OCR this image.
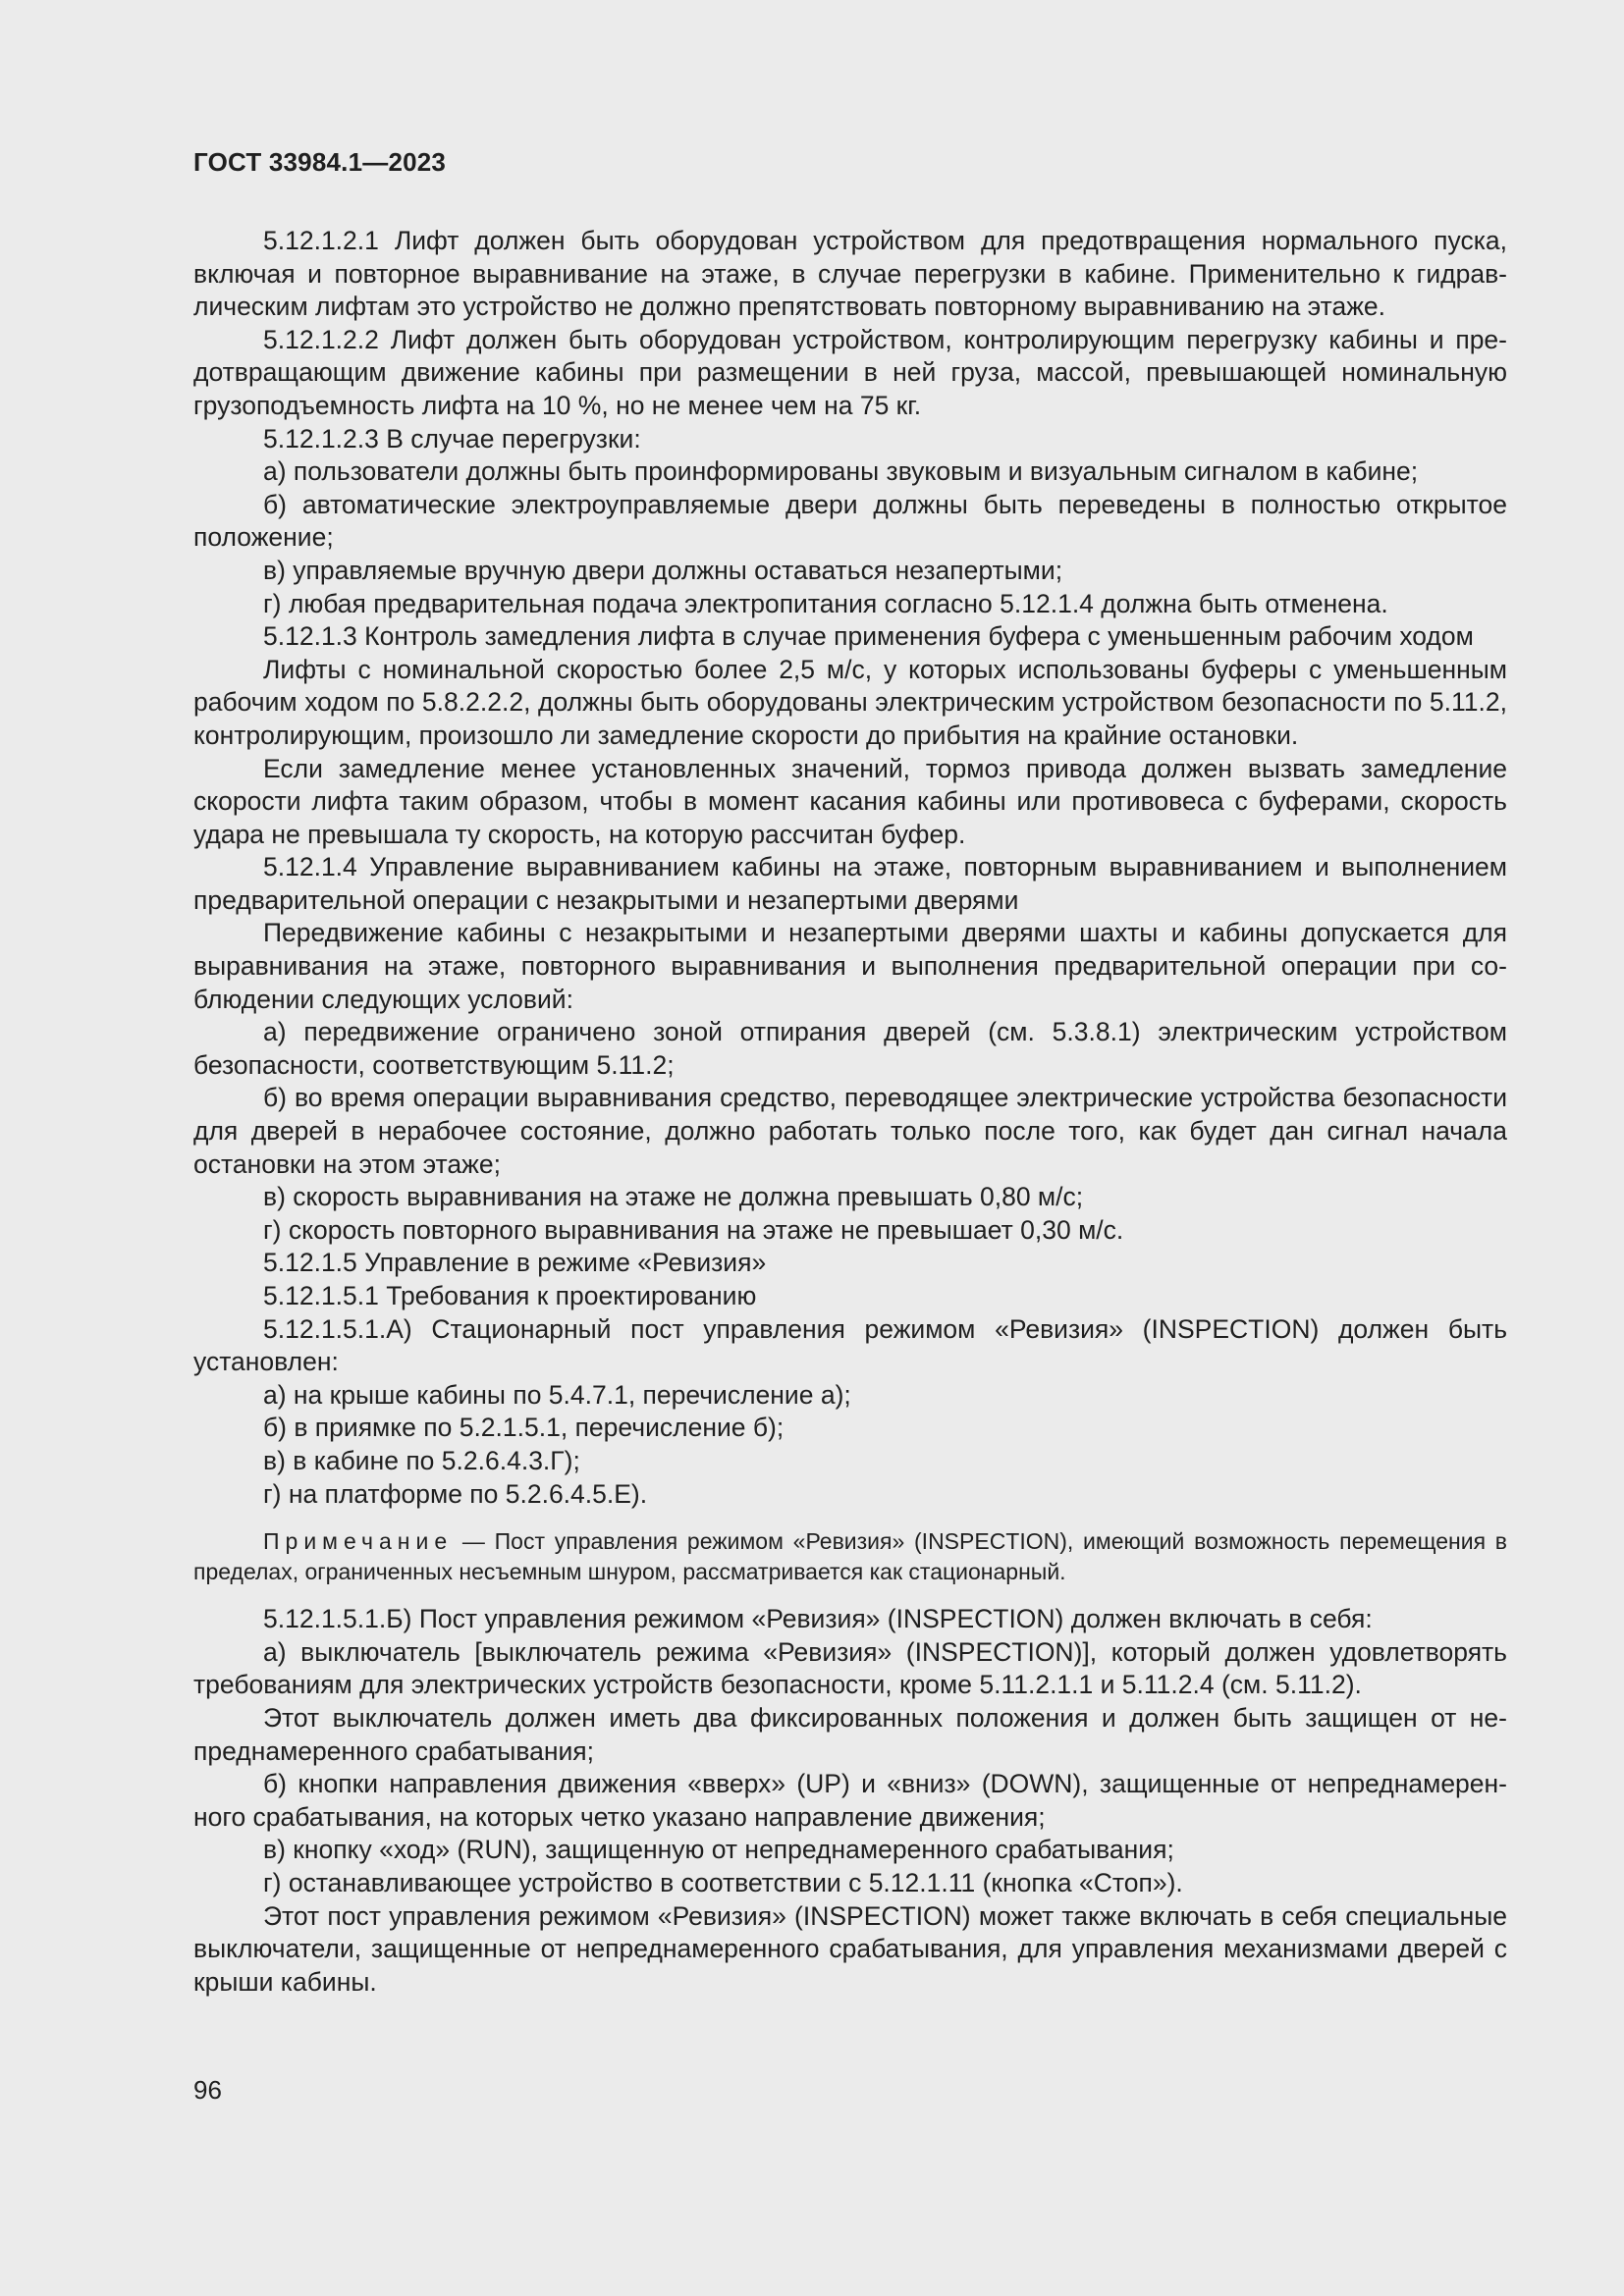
ГОСТ 33984.1—2023

5.12.1.2.1 Лифт должен быть оборудован устройством для предотвращения нормального пуска, включая и повторное выравнивание на этаже, в случае перегрузки в кабине. Применительно к гидравлическим лифтам это устройство не должно препятствовать повторному выравниванию на этаже.

5.12.1.2.2 Лифт должен быть оборудован устройством, контролирующим перегрузку кабины и предотвращающим движение кабины при размещении в ней груза, массой, превышающей номинальную грузоподъемность лифта на 10 %, но не менее чем на 75 кг.

5.12.1.2.3 В случае перегрузки:

а) пользователи должны быть проинформированы звуковым и визуальным сигналом в кабине;

б) автоматические электроуправляемые двери должны быть переведены в полностью открытое положение;

в) управляемые вручную двери должны оставаться незапертыми;

г) любая предварительная подача электропитания согласно 5.12.1.4 должна быть отменена.

5.12.1.3 Контроль замедления лифта в случае применения буфера с уменьшенным рабочим ходом

Лифты с номинальной скоростью более 2,5 м/с, у которых использованы буферы с уменьшенным рабочим ходом по 5.8.2.2.2, должны быть оборудованы электрическим устройством безопасности по 5.11.2, контролирующим, произошло ли замедление скорости до прибытия на крайние остановки.

Если замедление менее установленных значений, тормоз привода должен вызвать замедление скорости лифта таким образом, чтобы в момент касания кабины или противовеса с буферами, скорость удара не превышала ту скорость, на которую рассчитан буфер.

5.12.1.4 Управление выравниванием кабины на этаже, повторным выравниванием и выполнением предварительной операции с незакрытыми и незапертыми дверями

Передвижение кабины с незакрытыми и незапертыми дверями шахты и кабины допускается для выравнивания на этаже, повторного выравнивания и выполнения предварительной операции при соблюдении следующих условий:

а) передвижение ограничено зоной отпирания дверей (см. 5.3.8.1) электрическим устройством безопасности, соответствующим 5.11.2;

б) во время операции выравнивания средство, переводящее электрические устройства безопасности для дверей в нерабочее состояние, должно работать только после того, как будет дан сигнал начала остановки на этом этаже;

в) скорость выравнивания на этаже не должна превышать 0,80 м/с;

г) скорость повторного выравнивания на этаже не превышает 0,30 м/с.

5.12.1.5 Управление в режиме «Ревизия»

5.12.1.5.1 Требования к проектированию

5.12.1.5.1.А) Стационарный пост управления режимом «Ревизия» (INSPECTION) должен быть установлен:

а) на крыше кабины по 5.4.7.1, перечисление а);

б) в приямке по 5.2.1.5.1, перечисление б);

в) в кабине по 5.2.6.4.3.Г);

г) на платформе по 5.2.6.4.5.Е).

Примечание — Пост управления режимом «Ревизия» (INSPECTION), имеющий возможность перемещения в пределах, ограниченных несъемным шнуром, рассматривается как стационарный.

5.12.1.5.1.Б) Пост управления режимом «Ревизия» (INSPECTION) должен включать в себя:

а) выключатель [выключатель режима «Ревизия» (INSPECTION)], который должен удовлетворять требованиям для электрических устройств безопасности, кроме 5.11.2.1.1 и 5.11.2.4 (см. 5.11.2).

Этот выключатель должен иметь два фиксированных положения и должен быть защищен от непреднамеренного срабатывания;

б) кнопки направления движения «вверх» (UP) и «вниз» (DOWN), защищенные от непреднамеренного срабатывания, на которых четко указано направление движения;

в) кнопку «ход» (RUN), защищенную от непреднамеренного срабатывания;

г) останавливающее устройство в соответствии с 5.12.1.11 (кнопка «Стоп»).

Этот пост управления режимом «Ревизия» (INSPECTION) может также включать в себя специальные выключатели, защищенные от непреднамеренного срабатывания, для управления механизмами дверей с крыши кабины.

96
